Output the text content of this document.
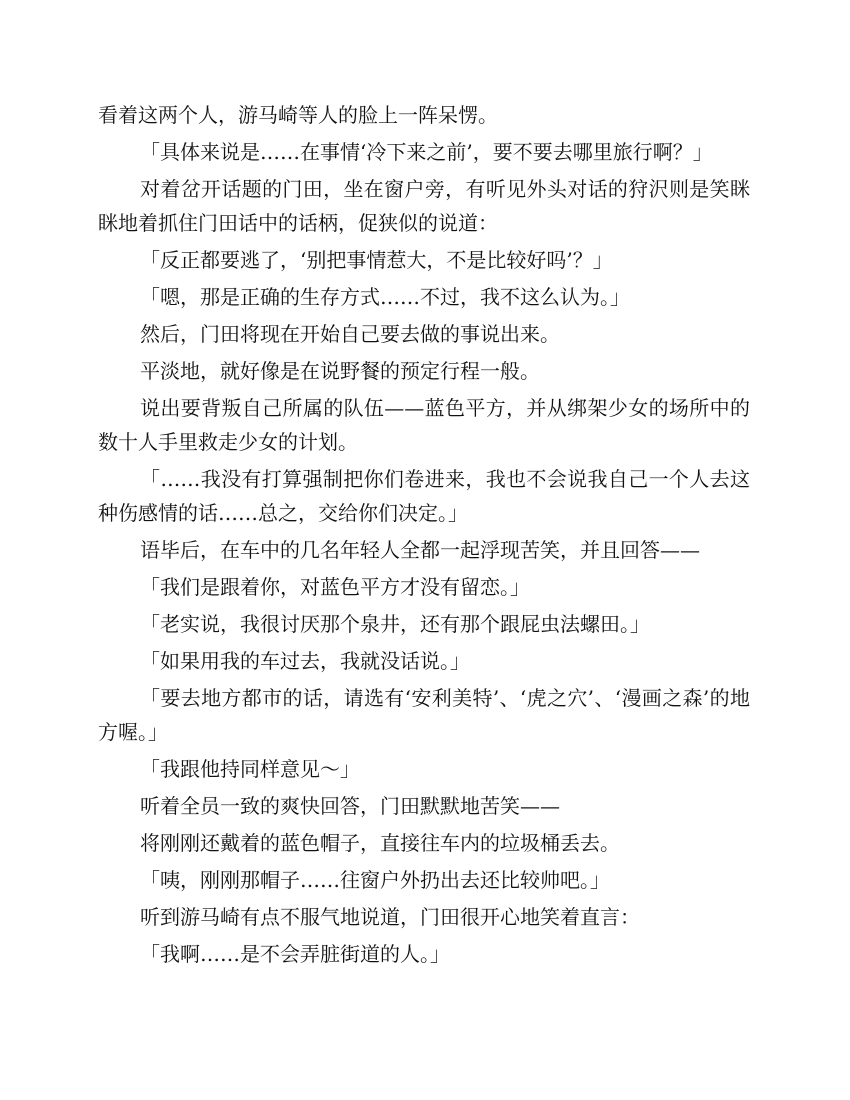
看着这两个人，游马崎等人的脸上一阵呆愣。

「具体来说是……在事情‘冷下来之前’，要不要去哪里旅行啊？」

对着岔开话题的门田，坐在窗户旁，有听见外头对话的狩沢则是笑眯眯地着抓住门田话中的话柄，促狭似的说道：

「反正都要逃了，‘别把事情惹大，不是比较好吗’？」

「嗯，那是正确的生存方式……不过，我不这么认为。」

然后，门田将现在开始自己要去做的事说出来。

平淡地，就好像是在说野餐的预定行程一般。

说出要背叛自己所属的队伍——蓝色平方，并从绑架少女的场所中的数十人手里救走少女的计划。

「……我没有打算强制把你们卷进来，我也不会说我自己一个人去这种伤感情的话……总之，交给你们决定。」

语毕后，在车中的几名年轻人全都一起浮现苦笑，并且回答——

「我们是跟着你，对蓝色平方才没有留恋。」

「老实说，我很讨厌那个泉井，还有那个跟屁虫法螺田。」

「如果用我的车过去，我就没话说。」

「要去地方都市的话，请选有‘安利美特’、‘虎之穴’、‘漫画之森’的地方喔。」

「我跟他持同样意见～」

听着全员一致的爽快回答，门田默默地苦笑——

将刚刚还戴着的蓝色帽子，直接往车内的垃圾桶丢去。

「咦，刚刚那帽子……往窗户外扔出去还比较帅吧。」

听到游马崎有点不服气地说道，门田很开心地笑着直言：

「我啊……是不会弄脏街道的人。」
